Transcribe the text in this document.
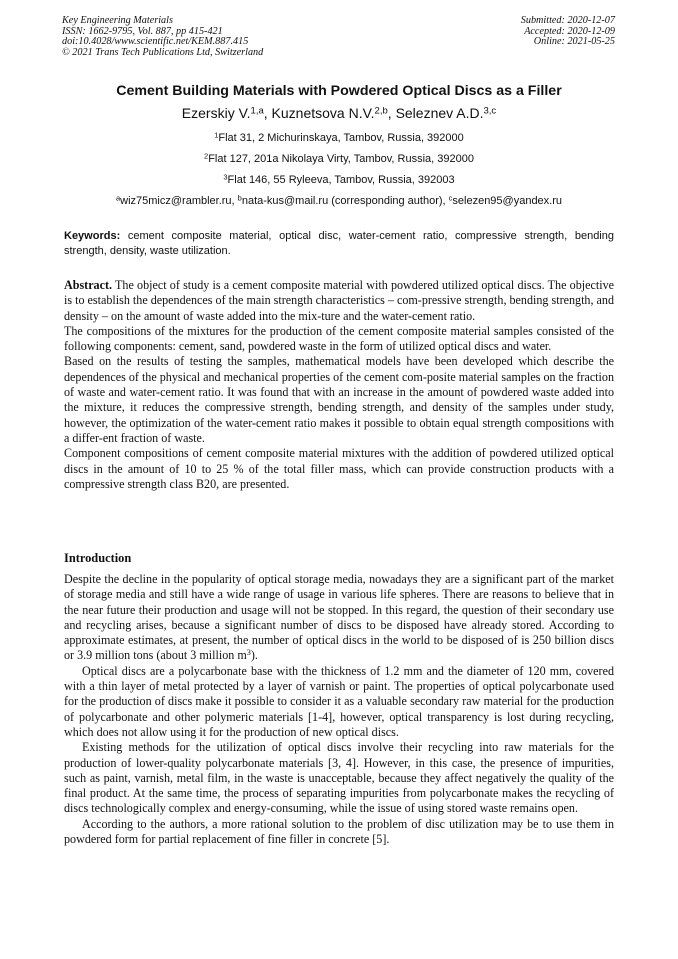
Key Engineering Materials
ISSN: 1662-9795, Vol. 887, pp 415-421
doi:10.4028/www.scientific.net/KEM.887.415
© 2021 Trans Tech Publications Ltd, Switzerland
Submitted: 2020-12-07
Accepted: 2020-12-09
Online: 2021-05-25
Cement Building Materials with Powdered Optical Discs as a Filler
Ezerskiy V.$^{1,a}$, Kuznetsova N.V.$^{2,b}$, Seleznev A.D.$^{3,c}$
$^1$Flat 31, 2 Michurinskaya, Tambov, Russia, 392000
$^2$Flat 127, 201a Nikolaya Virty, Tambov, Russia, 392000
$^3$Flat 146, 55 Ryleeva, Tambov, Russia, 392003
$^a$wiz75micz@rambler.ru, $^b$nata-kus@mail.ru (corresponding author), $^c$selezen95@yandex.ru
Keywords: cement composite material, optical disc, water-cement ratio, compressive strength, bending strength, density, waste utilization.

Abstract. The object of study is a cement composite material with powdered utilized optical discs. The objective is to establish the dependences of the main strength characteristics – com-pressive strength, bending strength, and density – on the amount of waste added into the mix-ture and the water-cement ratio.

The compositions of the mixtures for the production of the cement composite material samples consisted of the following components: cement, sand, powdered waste in the form of utilized optical discs and water.

Based on the results of testing the samples, mathematical models have been developed which describe the dependences of the physical and mechanical properties of the cement com-posite material samples on the fraction of waste and water-cement ratio. It was found that with an increase in the amount of powdered waste added into the mixture, it reduces the compressive strength, bending strength, and density of the samples under study, however, the optimization of the water-cement ratio makes it possible to obtain equal strength compositions with a differ-ent fraction of waste.

Component compositions of cement composite material mixtures with the addition of powdered utilized optical discs in the amount of 10 to 25 % of the total filler mass, which can provide construction products with a compressive strength class B20, are presented.

Introduction

Despite the decline in the popularity of optical storage media, nowadays they are a significant part of the market of storage media and still have a wide range of usage in various life spheres. There are reasons to believe that in the near future their production and usage will not be stopped. In this regard, the question of their secondary use and recycling arises, because a significant number of discs to be disposed have already stored. According to approximate estimates, at present, the number of optical discs in the world to be disposed of is 250 billion discs or 3.9 million tons (about 3 million $m^3$).

Optical discs are a polycarbonate base with the thickness of 1.2 mm and the diameter of 120 mm, covered with a thin layer of metal protected by a layer of varnish or paint. The properties of optical polycarbonate used for the production of discs make it possible to consider it as a valuable secondary raw material for the production of polycarbonate and other polymeric materials [1-4], however, optical transparency is lost during recycling, which does not allow using it for the production of new optical discs.

Existing methods for the utilization of optical discs involve their recycling into raw materials for the production of lower-quality polycarbonate materials [3, 4]. However, in this case, the presence of impurities, such as paint, varnish, metal film, in the waste is unacceptable, because they affect negatively the quality of the final product. At the same time, the process of separating impurities from polycarbonate makes the recycling of discs technologically complex and energy-consuming, while the issue of using stored waste remains open.

According to the authors, a more rational solution to the problem of disc utilization may be to use them in powdered form for partial replacement of fine filler in concrete [5].
